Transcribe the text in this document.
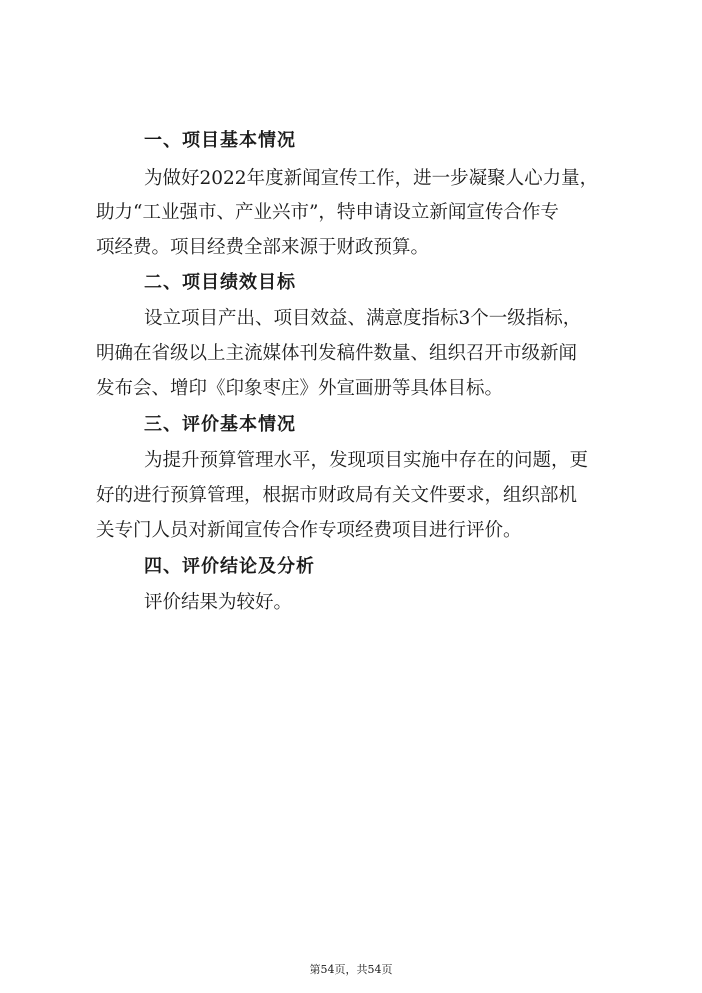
一、项目基本情况
为做好2022年度新闻宣传工作，进一步凝聚人心力量，
助力“工业强市、产业兴市”，特申请设立新闻宣传合作专
项经费。项目经费全部来源于财政预算。
二、项目绩效目标
设立项目产出、项目效益、满意度指标3个一级指标，
明确在省级以上主流媒体刊发稿件数量、组织召开市级新闻
发布会、增印《印象枣庄》外宣画册等具体目标。
三、评价基本情况
为提升预算管理水平，发现项目实施中存在的问题，更
好的进行预算管理，根据市财政局有关文件要求，组织部机
关专门人员对新闻宣传合作专项经费项目进行评价。
四、评价结论及分析
评价结果为较好。
第54页，共54页
